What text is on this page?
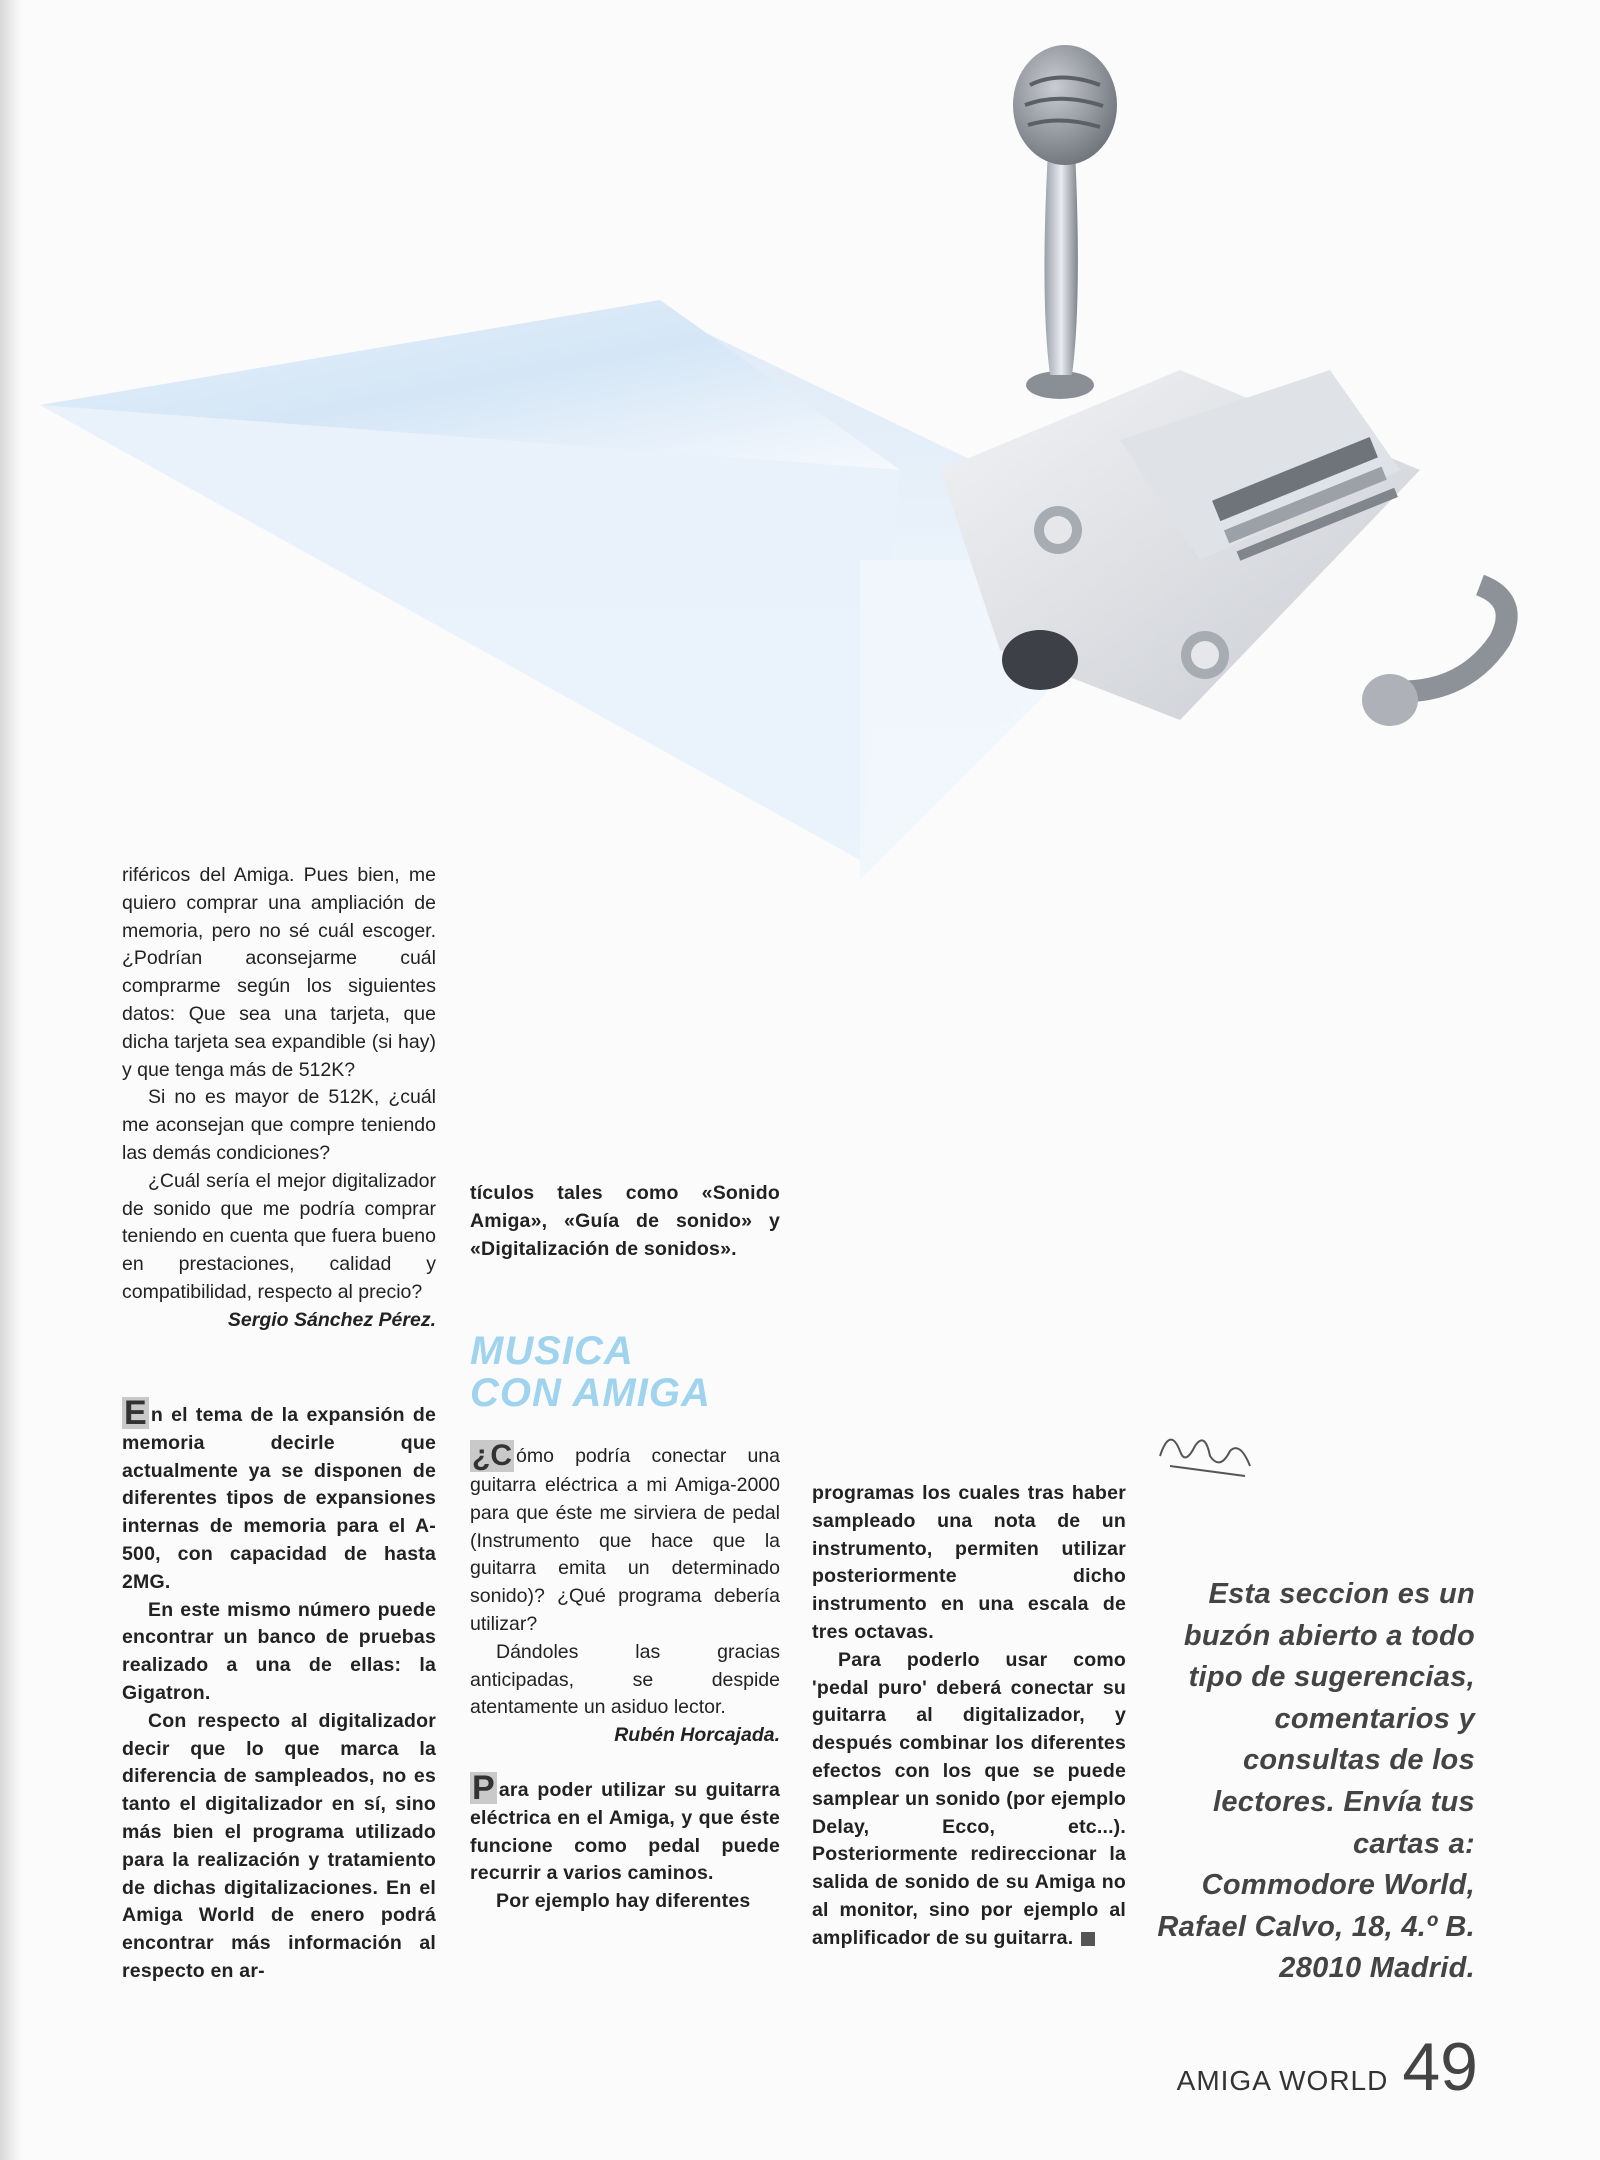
riféricos del Amiga. Pues bien, me quiero comprar una ampliación de memoria, pero no sé cuál escoger. ¿Podrían aconsejarme cuál comprarme según los siguientes datos: Que sea una tarjeta, que dicha tarjeta sea expandible (si hay) y que tenga más de 512K?

Si no es mayor de 512K, ¿cuál me aconsejan que compre teniendo las demás condiciones?

¿Cuál sería el mejor digitalizador de sonido que me podría comprar teniendo en cuenta que fuera bueno en prestaciones, calidad y compatibilidad, respecto al precio?

Sergio Sánchez Pérez.

E n el tema de la expansión de memoria decirle que actualmente ya se disponen de diferentes tipos de expansiones internas de memoria para el A-500, con capacidad de hasta 2MG.

En este mismo número puede encontrar un banco de pruebas realizado a una de ellas: la Gigatron.

Con respecto al digitalizador decir que lo que marca la diferencia de sampleados, no es tanto el digitalizador en sí, sino más bien el programa utilizado para la realización y tratamiento de dichas digitalizaciones. En el Amiga World de enero podrá encontrar más información al respecto en ar-

tículos tales como «Sonido Amiga», «Guía de sonido» y «Digitalización de sonidos».

MUSICA
CON AMIGA

¿C ómo podría conectar una guitarra eléctrica a mi Amiga-2000 para que éste me sirviera de pedal (Instrumento que hace que la guitarra emita un determinado sonido)? ¿Qué programa debería utilizar?

Dándoles las gracias anticipadas, se despide atentamente un asiduo lector.

Rubén Horcajada.

P ara poder utilizar su guitarra eléctrica en el Amiga, y que éste funcione como pedal puede recurrir a varios caminos.

Por ejemplo hay diferentes

programas los cuales tras haber sampleado una nota de un instrumento, permiten utilizar posteriormente dicho instrumento en una escala de tres octavas.

Para poderlo usar como 'pedal puro' deberá conectar su guitarra al digitalizador, y después combinar los diferentes efectos con los que se puede samplear un sonido (por ejemplo Delay, Ecco, etc...). Posteriormente redireccionar la salida de sonido de su Amiga no al monitor, sino por ejemplo al amplificador de su guitarra.

Esta seccion es un
buzón abierto a todo
tipo de sugerencias,
comentarios y
consultas de los
lectores. Envía tus
cartas a:
Commodore World,
Rafael Calvo, 18, 4.º B.
28010 Madrid.
AMIGA WORLD 49
